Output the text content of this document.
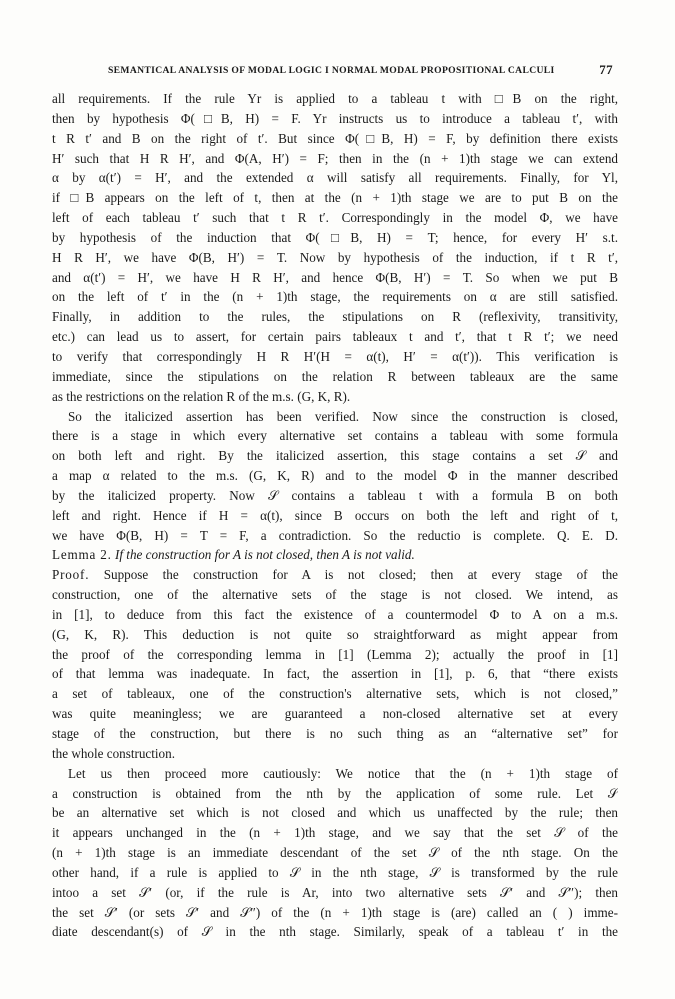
SEMANTICAL ANALYSIS OF MODAL LOGIC I NORMAL MODAL PROPOSITIONAL CALCULI	77
all requirements. If the rule Yr is applied to a tableau t with □B on the right,
then by hypothesis Φ(□B, H) = F. Yr instructs us to introduce a tableau t′, with
t R t′ and B on the right of t′. But since Φ(□B, H) = F, by definition there exists
H′ such that H R H′, and Φ(A, H′) = F; then in the (n + 1)th stage we can extend
α by α(t′) = H′, and the extended α will satisfy all requirements. Finally, for Yl,
if □B appears on the left of t, then at the (n + 1)th stage we are to put B on the
left of each tableau t′ such that t R t′. Correspondingly in the model Φ, we have
by hypothesis of the induction that Φ(□B, H) = T; hence, for every H′ s.t.
H R H′, we have Φ(B, H′) = T. Now by hypothesis of the induction, if t R t′,
and α(t′) = H′, we have H R H′, and hence Φ(B, H′) = T. So when we put B
on the left of t′ in the (n + 1)th stage, the requirements on α are still satisfied.
Finally, in addition to the rules, the stipulations on R (reflexivity, transitivity,
etc.) can lead us to assert, for certain pairs tableaux t and t′, that t R t′; we need
to verify that correspondingly H R H′(H = α(t), H′ = α(t′)). This verification is
immediate, since the stipulations on the relation R between tableaux are the same
as the restrictions on the relation R of the m.s. (G, K, R).
So the italicized assertion has been verified. Now since the construction is closed,
there is a stage in which every alternative set contains a tableau with some formula
on both left and right. By the italicized assertion, this stage contains a set 𝒮 and
a map α related to the m.s. (G, K, R) and to the model Φ in the manner described
by the italicized property. Now 𝒮 contains a tableau t with a formula B on both
left and right. Hence if H = α(t), since B occurs on both the left and right of t,
we have Φ(B, H) = T = F, a contradiction. So the reductio is complete. Q. E. D.
Lemma 2. If the construction for A is not closed, then A is not valid.
Proof. Suppose the construction for A is not closed; then at every stage of the
construction, one of the alternative sets of the stage is not closed. We intend, as
in [1], to deduce from this fact the existence of a countermodel Φ to A on a m.s.
(G, K, R). This deduction is not quite so straightforward as might appear from
the proof of the corresponding lemma in [1] (Lemma 2); actually the proof in [1]
of that lemma was inadequate. In fact, the assertion in [1], p. 6, that “there exists
a set of tableaux, one of the construction's alternative sets, which is not closed,”
was quite meaningless; we are guaranteed a non-closed alternative set at every
stage of the construction, but there is no such thing as an “alternative set” for
the whole construction.
Let us then proceed more cautiously: We notice that the (n + 1)th stage of
a construction is obtained from the nth by the application of some rule. Let 𝒮
be an alternative set which is not closed and which us unaffected by the rule; then
it appears unchanged in the (n + 1)th stage, and we say that the set 𝒮 of the
(n + 1)th stage is an immediate descendant of the set 𝒮 of the nth stage. On the
other hand, if a rule is applied to 𝒮 in the nth stage, 𝒮 is transformed by the rule
intoo a set 𝒮′ (or, if the rule is Ar, into two alternative sets 𝒮′ and 𝒮″); then
the set 𝒮′ (or sets 𝒮′ and 𝒮″) of the (n + 1)th stage is (are) called an ( ) imme-
diate descendant(s) of 𝒮 in the nth stage. Similarly, speak of a tableau t′ in the
